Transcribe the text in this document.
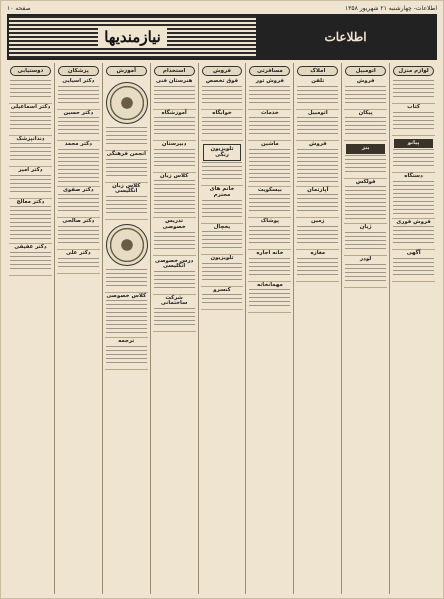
صفحه ۱۰	اطلاعات- چهارشنبه ۲۱ شهریور ۱۳۵۸
نیازمندیها	اطلاعات
دوستیابی
دکتر اسماعیلی
دندانپزشک
دکتر امیر
دکتر معالج
دکتر عفیفی
پزشکان
دکتر اسیایی
دکتر حسین
دکتر محمد
دکتر صفوی
دکتر صالحی
دکتر علی
آموزش
انجمن فرهنگی
کلاس زبان انگلیسی
کلاس خصوصی
ترجمه
استخدام
هنرستان فنی
آموزشگاه
دبیرستان
کلاس زبان
تدریس خصوصی
درس خصوصی انگلیسی
شرکت ساختمانی
فروش
فوق تخصص
خوابگاه
تلویزیون رنگی
خانم های محترم
یخچال
تلویزیون
کنسرو
مسافرتی
فروش تور
خدمات
ماشین
بیسکویت
پوشاک
خانه اجاره
مهمانخانه
املاک
تلفن
اتومبیل
فروش
آپارتمان
زمین
مغازه
اتومبیل
فروش
پیکان
بنز
فولکس
ژیان
لودر
لوازم منزل
کتاب
پیانو
دستگاه
فروش فوری
آگهی
